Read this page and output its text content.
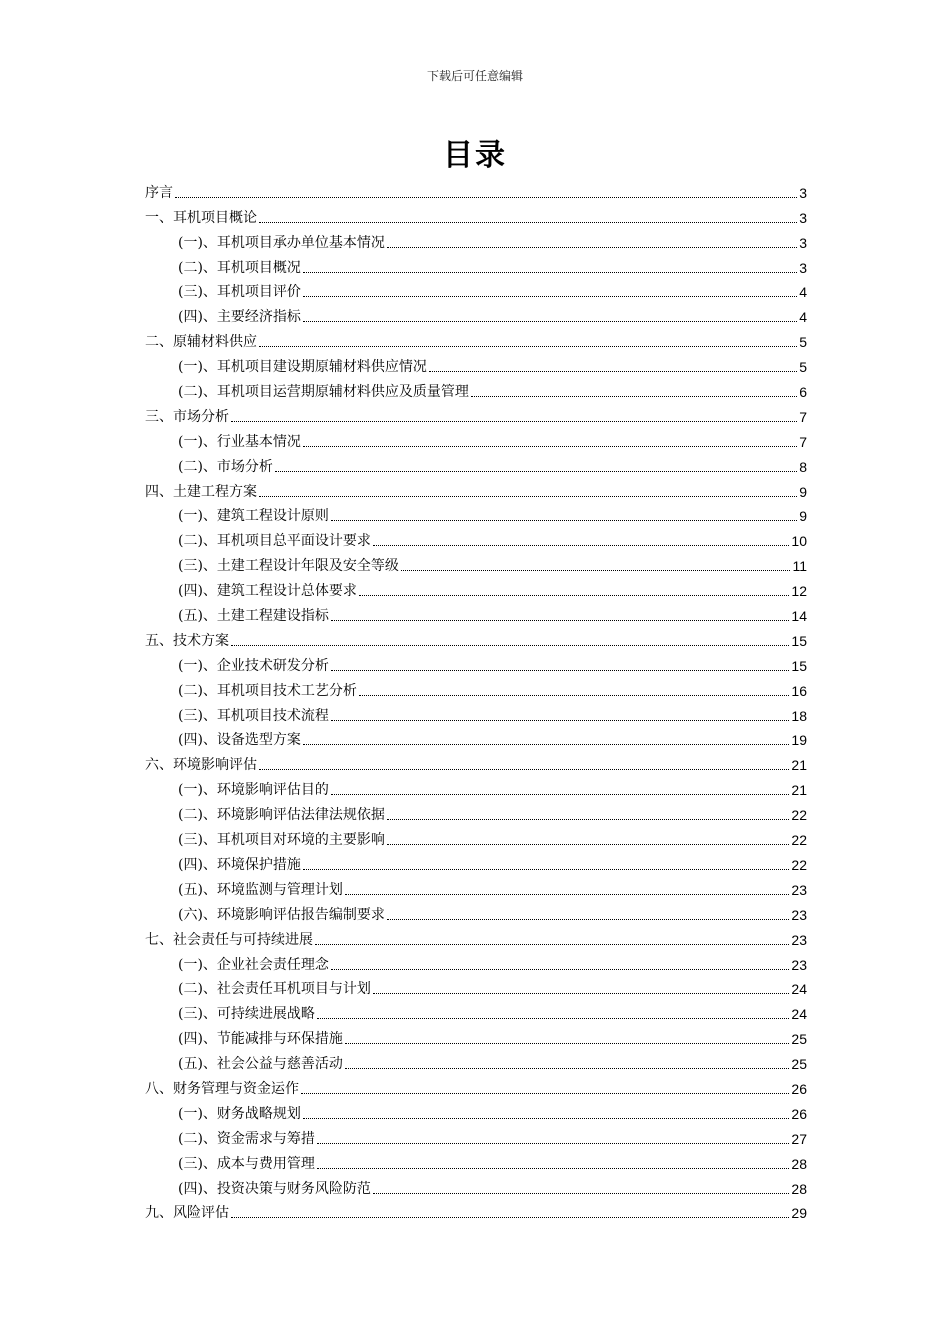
下载后可任意编辑
目录
序言	3
一、耳机项目概论	3
(一)、耳机项目承办单位基本情况	3
(二)、耳机项目概况	3
(三)、耳机项目评价	4
(四)、主要经济指标	4
二、原辅材料供应	5
(一)、耳机项目建设期原辅材料供应情况	5
(二)、耳机项目运营期原辅材料供应及质量管理	6
三、市场分析	7
(一)、行业基本情况	7
(二)、市场分析	8
四、土建工程方案	9
(一)、建筑工程设计原则	9
(二)、耳机项目总平面设计要求	10
(三)、土建工程设计年限及安全等级	11
(四)、建筑工程设计总体要求	12
(五)、土建工程建设指标	14
五、技术方案	15
(一)、企业技术研发分析	15
(二)、耳机项目技术工艺分析	16
(三)、耳机项目技术流程	18
(四)、设备选型方案	19
六、环境影响评估	21
(一)、环境影响评估目的	21
(二)、环境影响评估法律法规依据	22
(三)、耳机项目对环境的主要影响	22
(四)、环境保护措施	22
(五)、环境监测与管理计划	23
(六)、环境影响评估报告编制要求	23
七、社会责任与可持续进展	23
(一)、企业社会责任理念	23
(二)、社会责任耳机项目与计划	24
(三)、可持续进展战略	24
(四)、节能减排与环保措施	25
(五)、社会公益与慈善活动	25
八、财务管理与资金运作	26
(一)、财务战略规划	26
(二)、资金需求与筹措	27
(三)、成本与费用管理	28
(四)、投资决策与财务风险防范	28
九、风险评估	29
